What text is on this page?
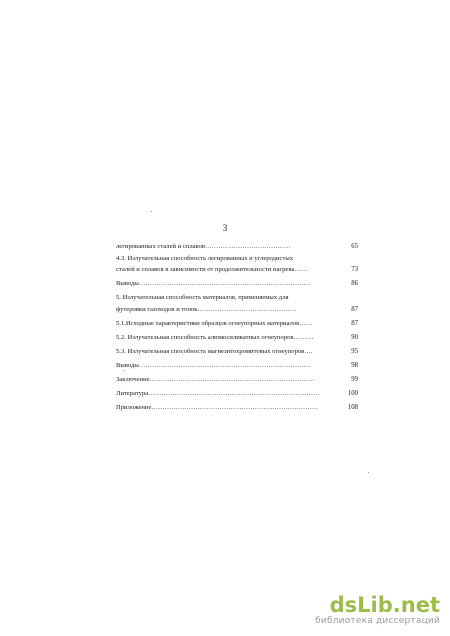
3
легированных сталей и сплавов…………………………………	65
4.3. Излучательная способность легированных и углеродистых
сталей и сплавов в зависимости от продолжительности нагрева……	73
Выводы……………………………………………………………………	86
5. Излучательная способность материалов, применяемых для
футеровки газоходов и топок………………………………………	87
5.1.Исходные характеристики образцов огнеупорных материалов……	87
5.2. Излучательная способность алюмосиликатных огнеупоров………	90
5.3. Излучательная способность магнезитохромитовых огнеупоров….	95
Выводы……………………………………………………………………	98
Заключение…………………………………………………………………	99
Литература……………………………………………………………………	100
Приложение………………………………………………………………….	108
dsLib.net
библиотека диссертаций
